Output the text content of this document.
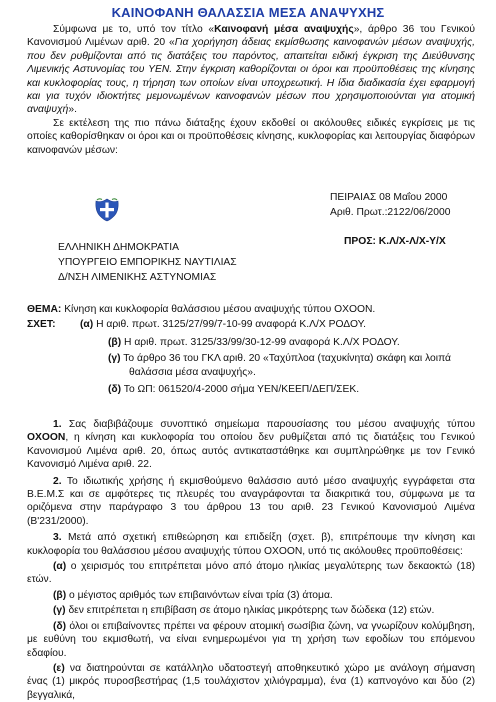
ΚΑΙΝΟΦΑΝΗ ΘΑΛΑΣΣΙΑ ΜΕΣΑ ΑΝΑΨΥΧΗΣ

Σύμφωνα με το, υπό τον τίτλο «Καινοφανή μέσα αναψυχής», άρθρο 36 του Γενικού Κανονισμού Λιμένων αριθ. 20 «Για χορήγηση άδειας εκμίσθωσης καινοφανών μέσων αναψυχής, που δεν ρυθμίζονται από τις διατάξεις του παρόντος, απαιτείται ειδική έγκριση της Διεύθυνσης Λιμενικής Αστυνομίας του ΥΕΝ. Στην έγκριση καθορίζονται οι όροι και προϋποθέσεις της κίνησης και κυκλοφορίας τους, η τήρηση των οποίων είναι υποχρεωτική. Η ίδια διαδικασία έχει εφαρμογή και για τυχόν ιδιοκτήτες μεμονωμένων καινοφανών μέσων που χρησιμοποιούνται για ατομική αναψυχή».

Σε εκτέλεση της πιο πάνω διάταξης έχουν εκδοθεί οι ακόλουθες ειδικές εγκρίσεις με τις οποίες καθορίσθηκαν οι όροι και οι προϋποθέσεις κίνησης, κυκλοφορίας και λειτουργίας διαφόρων καινοφανών μέσων:

ΠΕΙΡΑΙΑΣ 08 Μαΐου 2000
Αριθ. Πρωτ.:2122/06/2000
ΕΛΛΗΝΙΚΗ ΔΗΜΟΚΡΑΤΙΑ
ΥΠΟΥΡΓΕΙΟ ΕΜΠΟΡΙΚΗΣ ΝΑΥΤΙΛΙΑΣ
Δ/ΝΣΗ ΛΙΜΕΝΙΚΗΣ ΑΣΤΥΝΟΜΙΑΣ
ΠΡΟΣ: Κ.Λ/Χ-Λ/Χ-Υ/Χ
ΘΕΜΑ: Κίνηση και κυκλοφορία θαλάσσιου μέσου αναψυχής τύπου OXOON.
ΣΧΕΤ: (α) Η αριθ. πρωτ. 3125/27/99/7-10-99 αναφορά Κ.Λ/Χ ΡΟΔΟΥ.
(β) Η αριθ. πρωτ. 3125/33/99/30-12-99 αναφορά Κ.Λ/Χ ΡΟΔΟΥ.
(γ) Το άρθρο 36 του ΓΚΛ αριθ. 20 «Ταχύπλοα (ταχυκίνητα) σκάφη και λοιπά
θαλάσσια μέσα αναψυχής».
(δ) Το ΩΠ: 061520/4-2000 σήμα ΥΕΝ/ΚΕΕΠ/ΔΕΠ/ΣΕΚ.

1. Σας διαβιβάζουμε συνοπτικό σημείωμα παρουσίασης του μέσου αναψυχής τύπου OXOON, η κίνηση και κυκλοφορία του οποίου δεν ρυθμίζεται από τις διατάξεις του Γενικού Κανονισμού Λιμένα αριθ. 20, όπως αυτός αντικαταστάθηκε και συμπληρώθηκε με τον Γενικό Κανονισμό Λιμένα αριθ. 22.

2. Το ιδιωτικής χρήσης ή εκμισθούμενο θαλάσσιο αυτό μέσο αναψυχής εγγράφεται στα Β.Ε.Μ.Σ και σε αμφότερες τις πλευρές του αναγράφονται τα διακριτικά του, σύμφωνα με τα οριζόμενα στην παράγραφο 3 του άρθρου 13 του αριθ. 23 Γενικού Κανονισμού Λιμένα (Β'231/2000).

3. Μετά από σχετική επιθεώρηση και επιδείξη (σχετ. β), επιτρέπουμε την κίνηση και κυκλοφορία του θαλάσσιου μέσου αναψυχής τύπου OXOON, υπό τις ακόλουθες προϋποθέσεις:

(α) ο χειρισμός του επιτρέπεται μόνο από άτομο ηλικίας μεγαλύτερης των δεκαοκτώ (18) ετών.

(β) ο μέγιστος αριθμός των επιβαινόντων είναι τρία (3) άτομα.

(γ) δεν επιτρέπεται η επιβίβαση σε άτομο ηλικίας μικρότερης των δώδεκα (12) ετών.

(δ) όλοι οι επιβαίνοντες πρέπει να φέρουν ατομική σωσίβια ζώνη, να γνωρίζουν κολύμβηση, με ευθύνη του εκμισθωτή, να είναι ενημερωμένοι για τη χρήση των εφοδίων του επόμενου εδαφίου.

(ε) να διατηρούνται σε κατάλληλο υδατοστεγή αποθηκευτικό χώρο με ανάλογη σήμανση ένας (1) μικρός πυροσβεστήρας (1,5 τουλάχιστον χιλιόγραμμα), ένα (1) καπνογόνο και δύο (2) βεγγαλικά,
